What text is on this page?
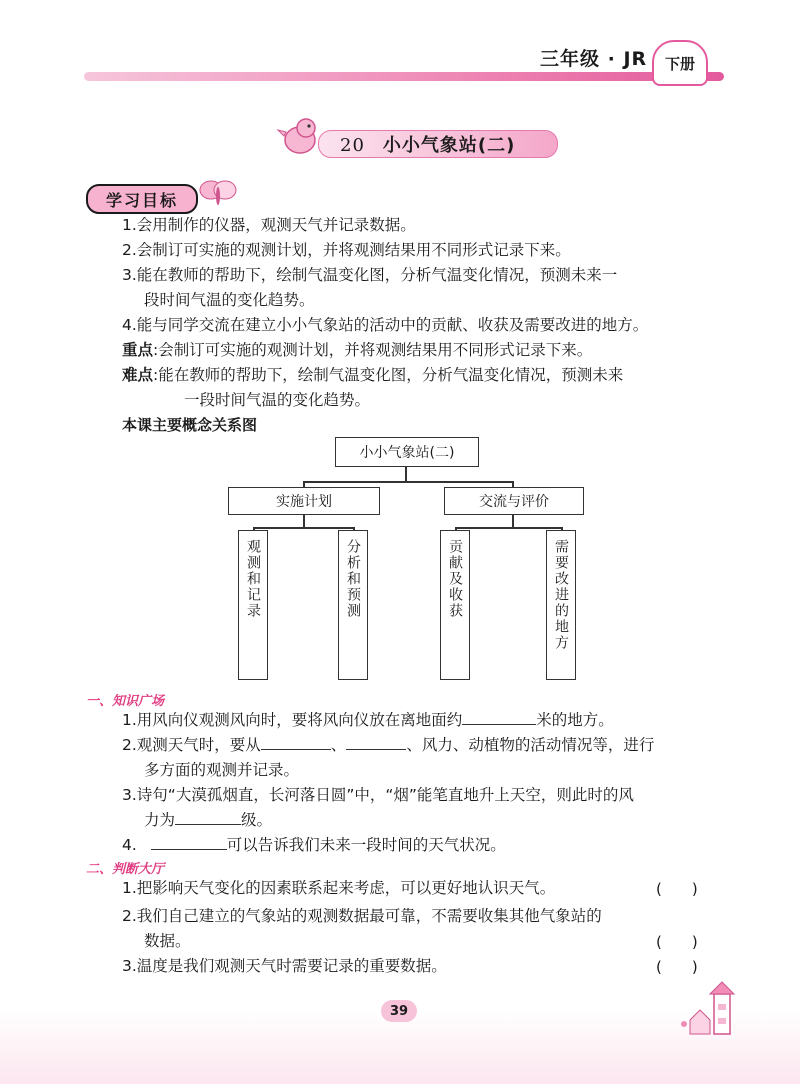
三年级 · JR	下册
20 小小气象站(二)
学习目标
1.会用制作的仪器，观测天气并记录数据。
2.会制订可实施的观测计划，并将观测结果用不同形式记录下来。
3.能在教师的帮助下，绘制气温变化图，分析气温变化情况，预测未来一
段时间气温的变化趋势。
4.能与同学交流在建立小小气象站的活动中的贡献、收获及需要改进的地方。
重点:会制订可实施的观测计划，并将观测结果用不同形式记录下来。
难点:能在教师的帮助下，绘制气温变化图，分析气温变化情况，预测未来
一段时间气温的变化趋势。
本课主要概念关系图
小小气象站(二)
实施计划	交流与评价
观测和记录	分析和预测	贡献及收获	需要改进的地方
一、知识广场
1.用风向仪观测风向时，要将风向仪放在离地面约	米的地方。
2.观测天气时，要从	、	、风力、动植物的活动情况等，进行
多方面的观测并记录。
3.诗句“大漠孤烟直，长河落日圆”中，“烟”能笔直地升上天空，则此时的风
力为	级。
4.	可以告诉我们未来一段时间的天气状况。
二、判断大厅
1.把影响天气变化的因素联系起来考虑，可以更好地认识天气。	(　　)
2.我们自己建立的气象站的观测数据最可靠，不需要收集其他气象站的
数据。	(　　)
3.温度是我们观测天气时需要记录的重要数据。	(　　)
39
